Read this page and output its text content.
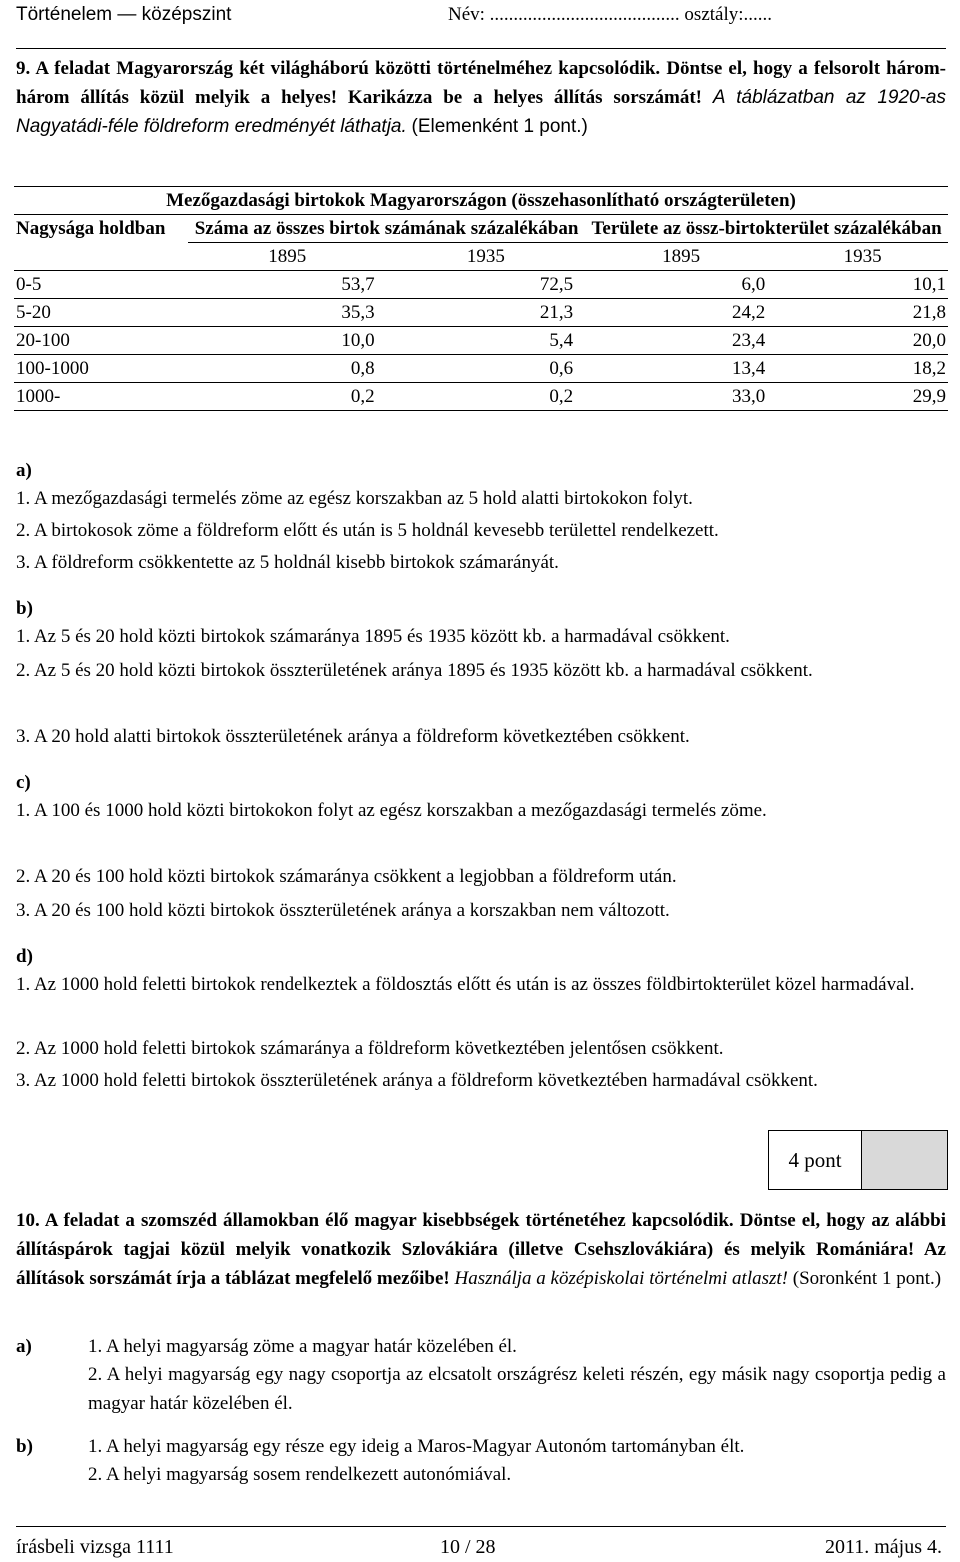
Történelem — középszint	Név: ........................................ osztály:......

9. A feladat Magyarország két világháború közötti történelméhez kapcsolódik. Döntse el, hogy a felsorolt három-három állítás közül melyik a helyes! Karikázza be a helyes állítás sorszámát! A táblázatban az 1920-as Nagyatádi-féle földreform eredményét láthatja. (Elemenként 1 pont.)

Mezőgazdasági birtokok Magyarországon (összehasonlítható országterületen)				
Nagysága holdban	Száma az összes birtok számának százalékában		Területe az össz-birtokterület százalékában	
	1895	1935	1895	1935
0-5	53,7	72,5	6,0	10,1
5-20	35,3	21,3	24,2	21,8
20-100	10,0	5,4	23,4	20,0
100-1000	0,8	0,6	13,4	18,2
1000-	0,2	0,2	33,0	29,9
a)
1. A mezőgazdasági termelés zöme az egész korszakban az 5 hold alatti birtokokon folyt.
2. A birtokosok zöme a földreform előtt és után is 5 holdnál kevesebb területtel rendelkezett.
3. A földreform csökkentette az 5 holdnál kisebb birtokok számarányát.
b)
1. Az 5 és 20 hold közti birtokok számaránya 1895 és 1935 között kb. a harmadával csökkent.
2. Az 5 és 20 hold közti birtokok összterületének aránya 1895 és 1935 között kb. a harmadával csökkent.
3. A 20 hold alatti birtokok összterületének aránya a földreform következtében csökkent.
c)
1. A 100 és 1000 hold közti birtokokon folyt az egész korszakban a mezőgazdasági termelés zöme.
2. A 20 és 100 hold közti birtokok számaránya csökkent a legjobban a földreform után.
3. A 20 és 100 hold közti birtokok összterületének aránya a korszakban nem változott.
d)
1. Az 1000 hold feletti birtokok rendelkeztek a földosztás előtt és után is az összes földbirtokterület közel harmadával.
2. Az 1000 hold feletti birtokok számaránya a földreform következtében jelentősen csökkent.
3. Az 1000 hold feletti birtokok összterületének aránya a földreform következtében harmadával csökkent.
4 pont

10. A feladat a szomszéd államokban élő magyar kisebbségek történetéhez kapcsolódik. Döntse el, hogy az alábbi állításpárok tagjai közül melyik vonatkozik Szlovákiára (illetve Csehszlovákiára) és melyik Romániára! Az állítások sorszámát írja a táblázat megfelelő mezőibe! Használja a középiskolai történelmi atlaszt! (Soronként 1 pont.)

a)	1. A helyi magyarság zöme a magyar határ közelében él.
2. A helyi magyarság egy nagy csoportja az elcsatolt országrész keleti részén, egy másik nagy csoportja pedig a magyar határ közelében él.
b)	1. A helyi magyarság egy része egy ideig a Maros-Magyar Autonóm tartományban élt.
2. A helyi magyarság sosem rendelkezett autonómiával.
írásbeli vizsga 1111	10 / 28	2011. május 4.
